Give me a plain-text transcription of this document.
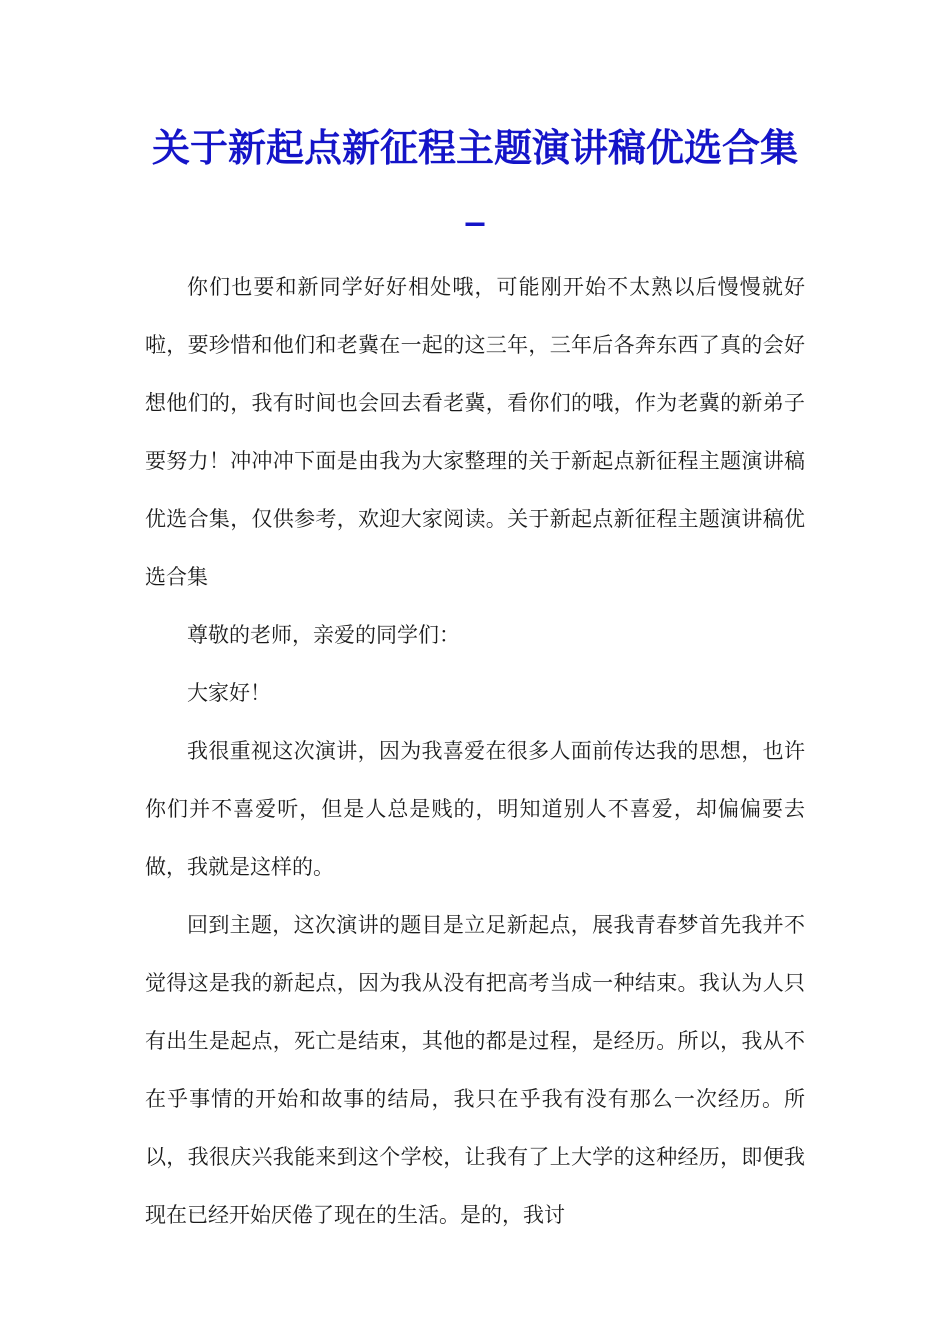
关于新起点新征程主题演讲稿优选合集_

你们也要和新同学好好相处哦，可能刚开始不太熟以后慢慢就好啦，要珍惜和他们和老冀在一起的这三年，三年后各奔东西了真的会好想他们的，我有时间也会回去看老冀，看你们的哦，作为老冀的新弟子要努力！冲冲冲下面是由我为大家整理的关于新起点新征程主题演讲稿优选合集，仅供参考，欢迎大家阅读。关于新起点新征程主题演讲稿优选合集

尊敬的老师，亲爱的同学们：

大家好！

我很重视这次演讲，因为我喜爱在很多人面前传达我的思想，也许你们并不喜爱听，但是人总是贱的，明知道别人不喜爱，却偏偏要去做，我就是这样的。

回到主题，这次演讲的题目是立足新起点，展我青春梦首先我并不觉得这是我的新起点，因为我从没有把高考当成一种结束。我认为人只有出生是起点，死亡是结束，其他的都是过程，是经历。所以，我从不在乎事情的开始和故事的结局，我只在乎我有没有那么一次经历。所以，我很庆兴我能来到这个学校，让我有了上大学的这种经历，即便我现在已经开始厌倦了现在的生活。是的，我讨
